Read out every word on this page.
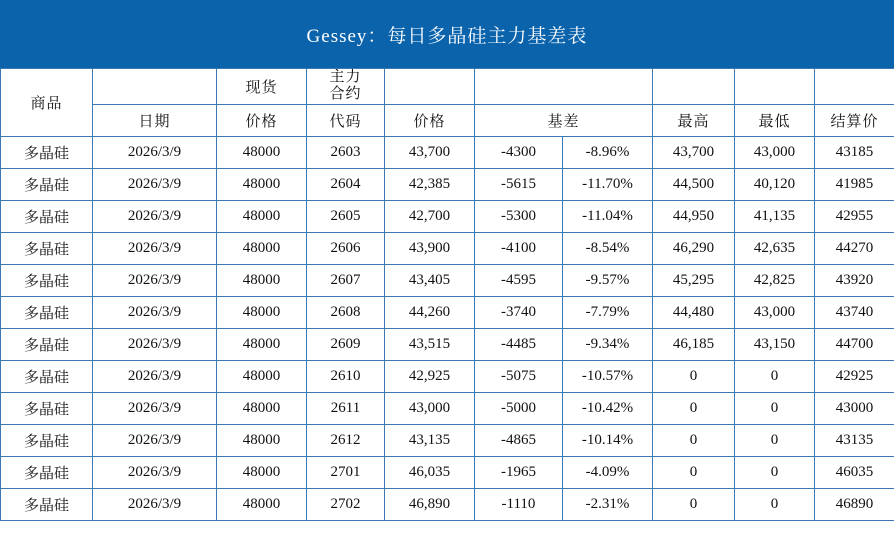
Gessey：每日多晶硅主力基差表
商品		现货	主力
合约						

	日期	价格	代码	价格	基差		最高	最低	结算价
多晶硅	2026/3/9	48000	2603	43,700	-4300	-8.96%	43,700	43,000	43185
多晶硅	2026/3/9	48000	2604	42,385	-5615	-11.70%	44,500	40,120	41985
多晶硅	2026/3/9	48000	2605	42,700	-5300	-11.04%	44,950	41,135	42955
多晶硅	2026/3/9	48000	2606	43,900	-4100	-8.54%	46,290	42,635	44270
多晶硅	2026/3/9	48000	2607	43,405	-4595	-9.57%	45,295	42,825	43920
多晶硅	2026/3/9	48000	2608	44,260	-3740	-7.79%	44,480	43,000	43740
多晶硅	2026/3/9	48000	2609	43,515	-4485	-9.34%	46,185	43,150	44700
多晶硅	2026/3/9	48000	2610	42,925	-5075	-10.57%	0	0	42925
多晶硅	2026/3/9	48000	2611	43,000	-5000	-10.42%	0	0	43000
多晶硅	2026/3/9	48000	2612	43,135	-4865	-10.14%	0	0	43135
多晶硅	2026/3/9	48000	2701	46,035	-1965	-4.09%	0	0	46035
多晶硅	2026/3/9	48000	2702	46,890	-1110	-2.31%	0	0	46890
